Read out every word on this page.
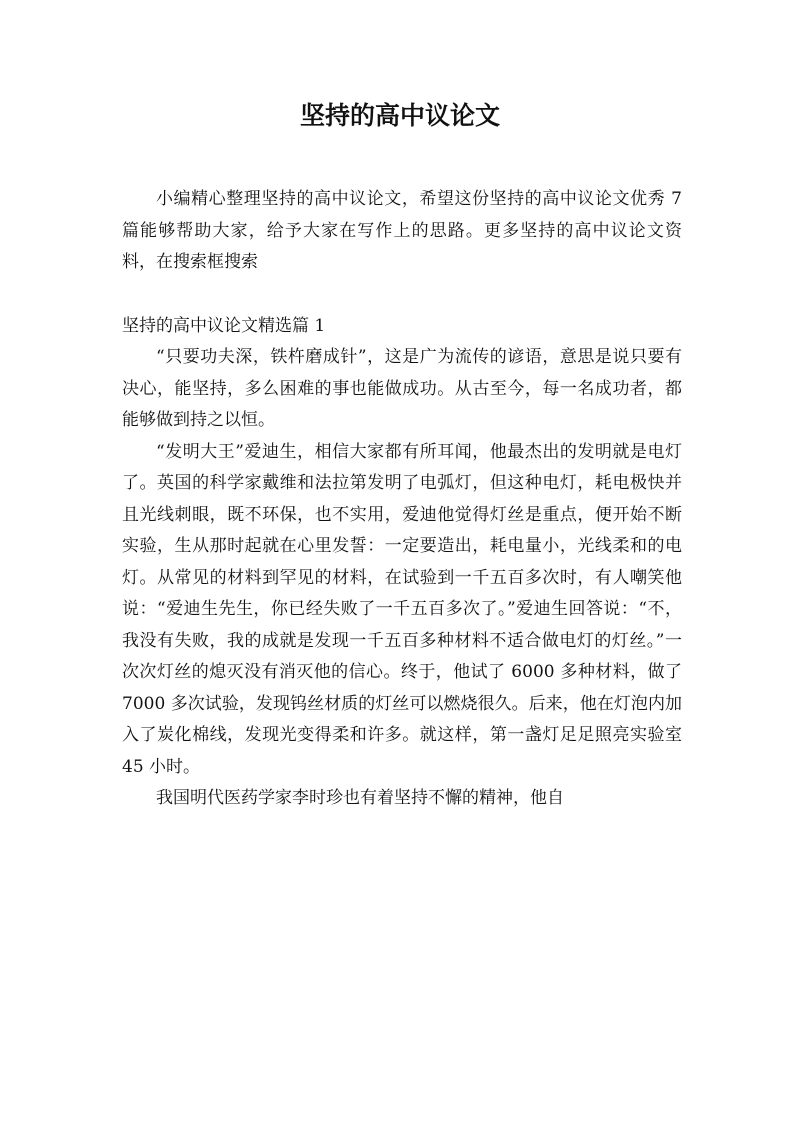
坚持的高中议论文

小编精心整理坚持的高中议论文，希望这份坚持的高中议论文优秀 7 篇能够帮助大家，给予大家在写作上的思路。更多坚持的高中议论文资料，在搜索框搜索

坚持的高中议论文精选篇 1

“只要功夫深，铁杵磨成针”，这是广为流传的谚语，意思是说只要有决心，能坚持，多么困难的事也能做成功。从古至今，每一名成功者，都能够做到持之以恒。

“发明大王”爱迪生，相信大家都有所耳闻，他最杰出的发明就是电灯了。英国的科学家戴维和法拉第发明了电弧灯，但这种电灯，耗电极快并且光线刺眼，既不环保，也不实用，爱迪他觉得灯丝是重点，便开始不断实验，生从那时起就在心里发誓：一定要造出，耗电量小，光线柔和的电灯。从常见的材料到罕见的材料，在试验到一千五百多次时，有人嘲笑他说：“爱迪生先生，你已经失败了一千五百多次了。”爱迪生回答说：“不，我没有失败，我的成就是发现一千五百多种材料不适合做电灯的灯丝。”一次次灯丝的熄灭没有消灭他的信心。终于，他试了 6000 多种材料，做了 7000 多次试验，发现钨丝材质的灯丝可以燃烧很久。后来，他在灯泡内加入了炭化棉线，发现光变得柔和许多。就这样，第一盏灯足足照亮实验室 45 小时。

我国明代医药学家李时珍也有着坚持不懈的精神，他自
